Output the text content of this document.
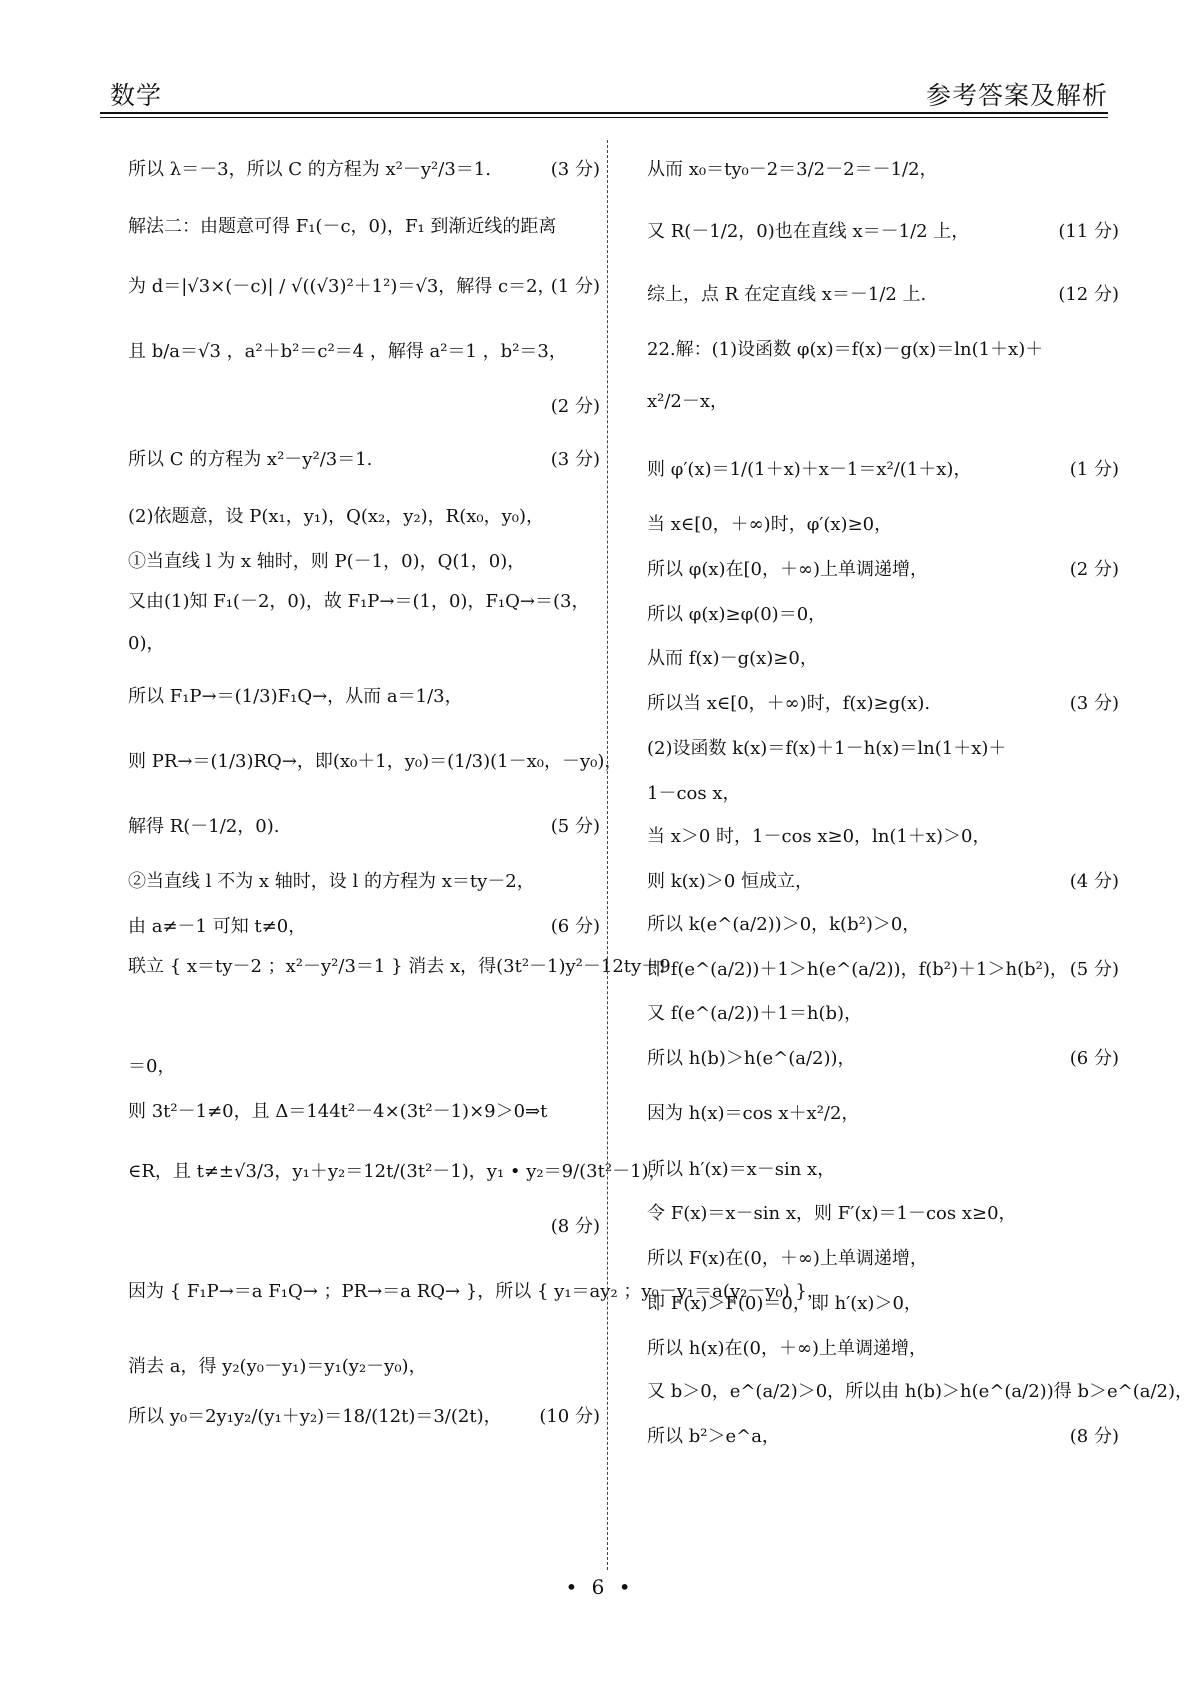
数学	参考答案及解析
所以 λ＝－3，所以 C 的方程为 x²－y²/3＝1.	(3 分)
解法二：由题意可得 F₁(－c，0)，F₁ 到渐近线的距离
为 d＝|√3×(－c)| / √((√3)²＋1²)＝√3，解得 c＝2，
(1 分)
且 b/a＝√3 ，a²＋b²＝c²＝4 ，解得 a²＝1 ，b²＝3，
(2 分)
所以 C 的方程为 x²－y²/3＝1.	(3 分)
(2)依题意，设 P(x₁，y₁)，Q(x₂，y₂)，R(x₀，y₀)，
①当直线 l 为 x 轴时，则 P(－1，0)，Q(1，0)，
又由(1)知 F₁(－2，0)，故 F₁P→＝(1，0)，F₁Q→＝(3，
0)，
所以 F₁P→＝(1/3)F₁Q→，从而 a＝1/3，
则 PR→＝(1/3)RQ→，即(x₀＋1，y₀)＝(1/3)(1－x₀，－y₀)，
解得 R(－1/2，0).	(5 分)
②当直线 l 不为 x 轴时，设 l 的方程为 x＝ty－2，
由 a≠－1 可知 t≠0，	(6 分)
联立 { x＝ty－2 ；x²－y²/3＝1 } 消去 x，得(3t²－1)y²－12ty＋9
＝0，
则 3t²－1≠0，且 Δ＝144t²－4×(3t²－1)×9＞0⇒t
∈R，且 t≠±√3/3，y₁＋y₂＝12t/(3t²－1)，y₁ • y₂＝9/(3t²－1)，
(8 分)
因为 { F₁P→＝a F₁Q→ ；PR→＝a RQ→ }，所以 { y₁＝ay₂ ；y₀－y₁＝a(y₂－y₀) }，
消去 a，得 y₂(y₀－y₁)＝y₁(y₂－y₀)，
所以 y₀＝2y₁y₂/(y₁＋y₂)＝18/(12t)＝3/(2t)， (10 分)
从而 x₀＝ty₀－2＝3/2－2＝－1/2，
又 R(－1/2，0)也在直线 x＝－1/2 上，	(11 分)
综上，点 R 在定直线 x＝－1/2 上.	(12 分)
22.解：(1)设函数 φ(x)＝f(x)－g(x)＝ln(1＋x)＋
x²/2－x，
则 φ′(x)＝1/(1＋x)＋x－1＝x²/(1＋x)，	(1 分)
当 x∈[0，＋∞)时，φ′(x)≥0，
所以 φ(x)在[0，＋∞)上单调递增，	(2 分)
所以 φ(x)≥φ(0)＝0，
从而 f(x)－g(x)≥0，
所以当 x∈[0，＋∞)时，f(x)≥g(x).	(3 分)
(2)设函数 k(x)＝f(x)＋1－h(x)＝ln(1＋x)＋
1－cos x，
当 x＞0 时，1－cos x≥0，ln(1＋x)＞0，
则 k(x)＞0 恒成立，	(4 分)
所以 k(e^(a/2))＞0，k(b²)＞0，
即 f(e^(a/2))＋1＞h(e^(a/2))，f(b²)＋1＞h(b²)， (5 分)
又 f(e^(a/2))＋1＝h(b)，
所以 h(b)＞h(e^(a/2))，	(6 分)
因为 h(x)＝cos x＋x²/2，
所以 h′(x)＝x－sin x，
令 F(x)＝x－sin x，则 F′(x)＝1－cos x≥0，
所以 F(x)在(0，＋∞)上单调递增，
即 F(x)＞F(0)＝0，即 h′(x)＞0，
所以 h(x)在(0，＋∞)上单调递增，
又 b＞0，e^(a/2)＞0，所以由 h(b)＞h(e^(a/2))得 b＞e^(a/2)，
所以 b²＞e^a，	(8 分)
• 6 •
